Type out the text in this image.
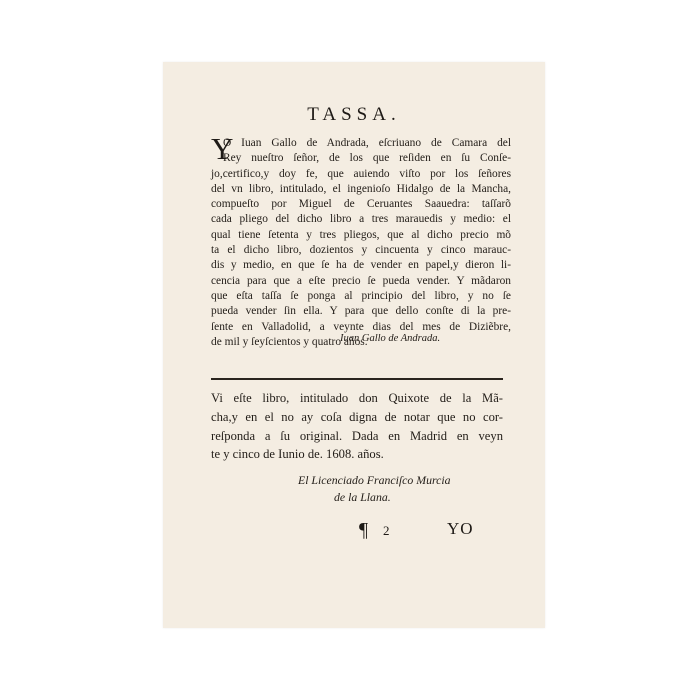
TASSA.
Y
O Iuan Gallo de Andrada, eſcriuano de Camara del
Rey nueſtro ſeñor, de los que reſiden en ſu Conſe-
jo,certifico,y doy fe, que auiendo viſto por los ſeñores
del vn libro, intitulado, el ingenioſo Hidalgo de la Mancha,
compueſto por Miguel de Ceruantes Saauedra: taſſarõ
cada pliego del dicho libro a tres marauedis y medio: el
qual tiene ſetenta y tres pliegos, que al dicho precio mõ
ta el dicho libro, dozientos y cincuenta y cinco marauc-
dis y medio, en que ſe ha de vender en papel,y dieron li-
cencia para que a eſte precio ſe pueda vender. Y mãdaron
que eſta taſſa ſe ponga al principio del libro, y no ſe
pueda vender ſin ella. Y para que dello conſte di la pre-
ſente en Valladolid, a veynte dias del mes de Diziẽbre,
de mil y ſeyſcientos y quatro años.
Iuan Gallo de Andrada.
Vi eſte libro, intitulado don Quixote de la Mã-
cha,y en el no ay coſa digna de notar que no cor-
reſponda a ſu original. Dada en Madrid en veyn
te y cinco de Iunio de. 1608. años.
El Licenciado Franciſco Murcia
de la Llana.
¶ 2	YO
